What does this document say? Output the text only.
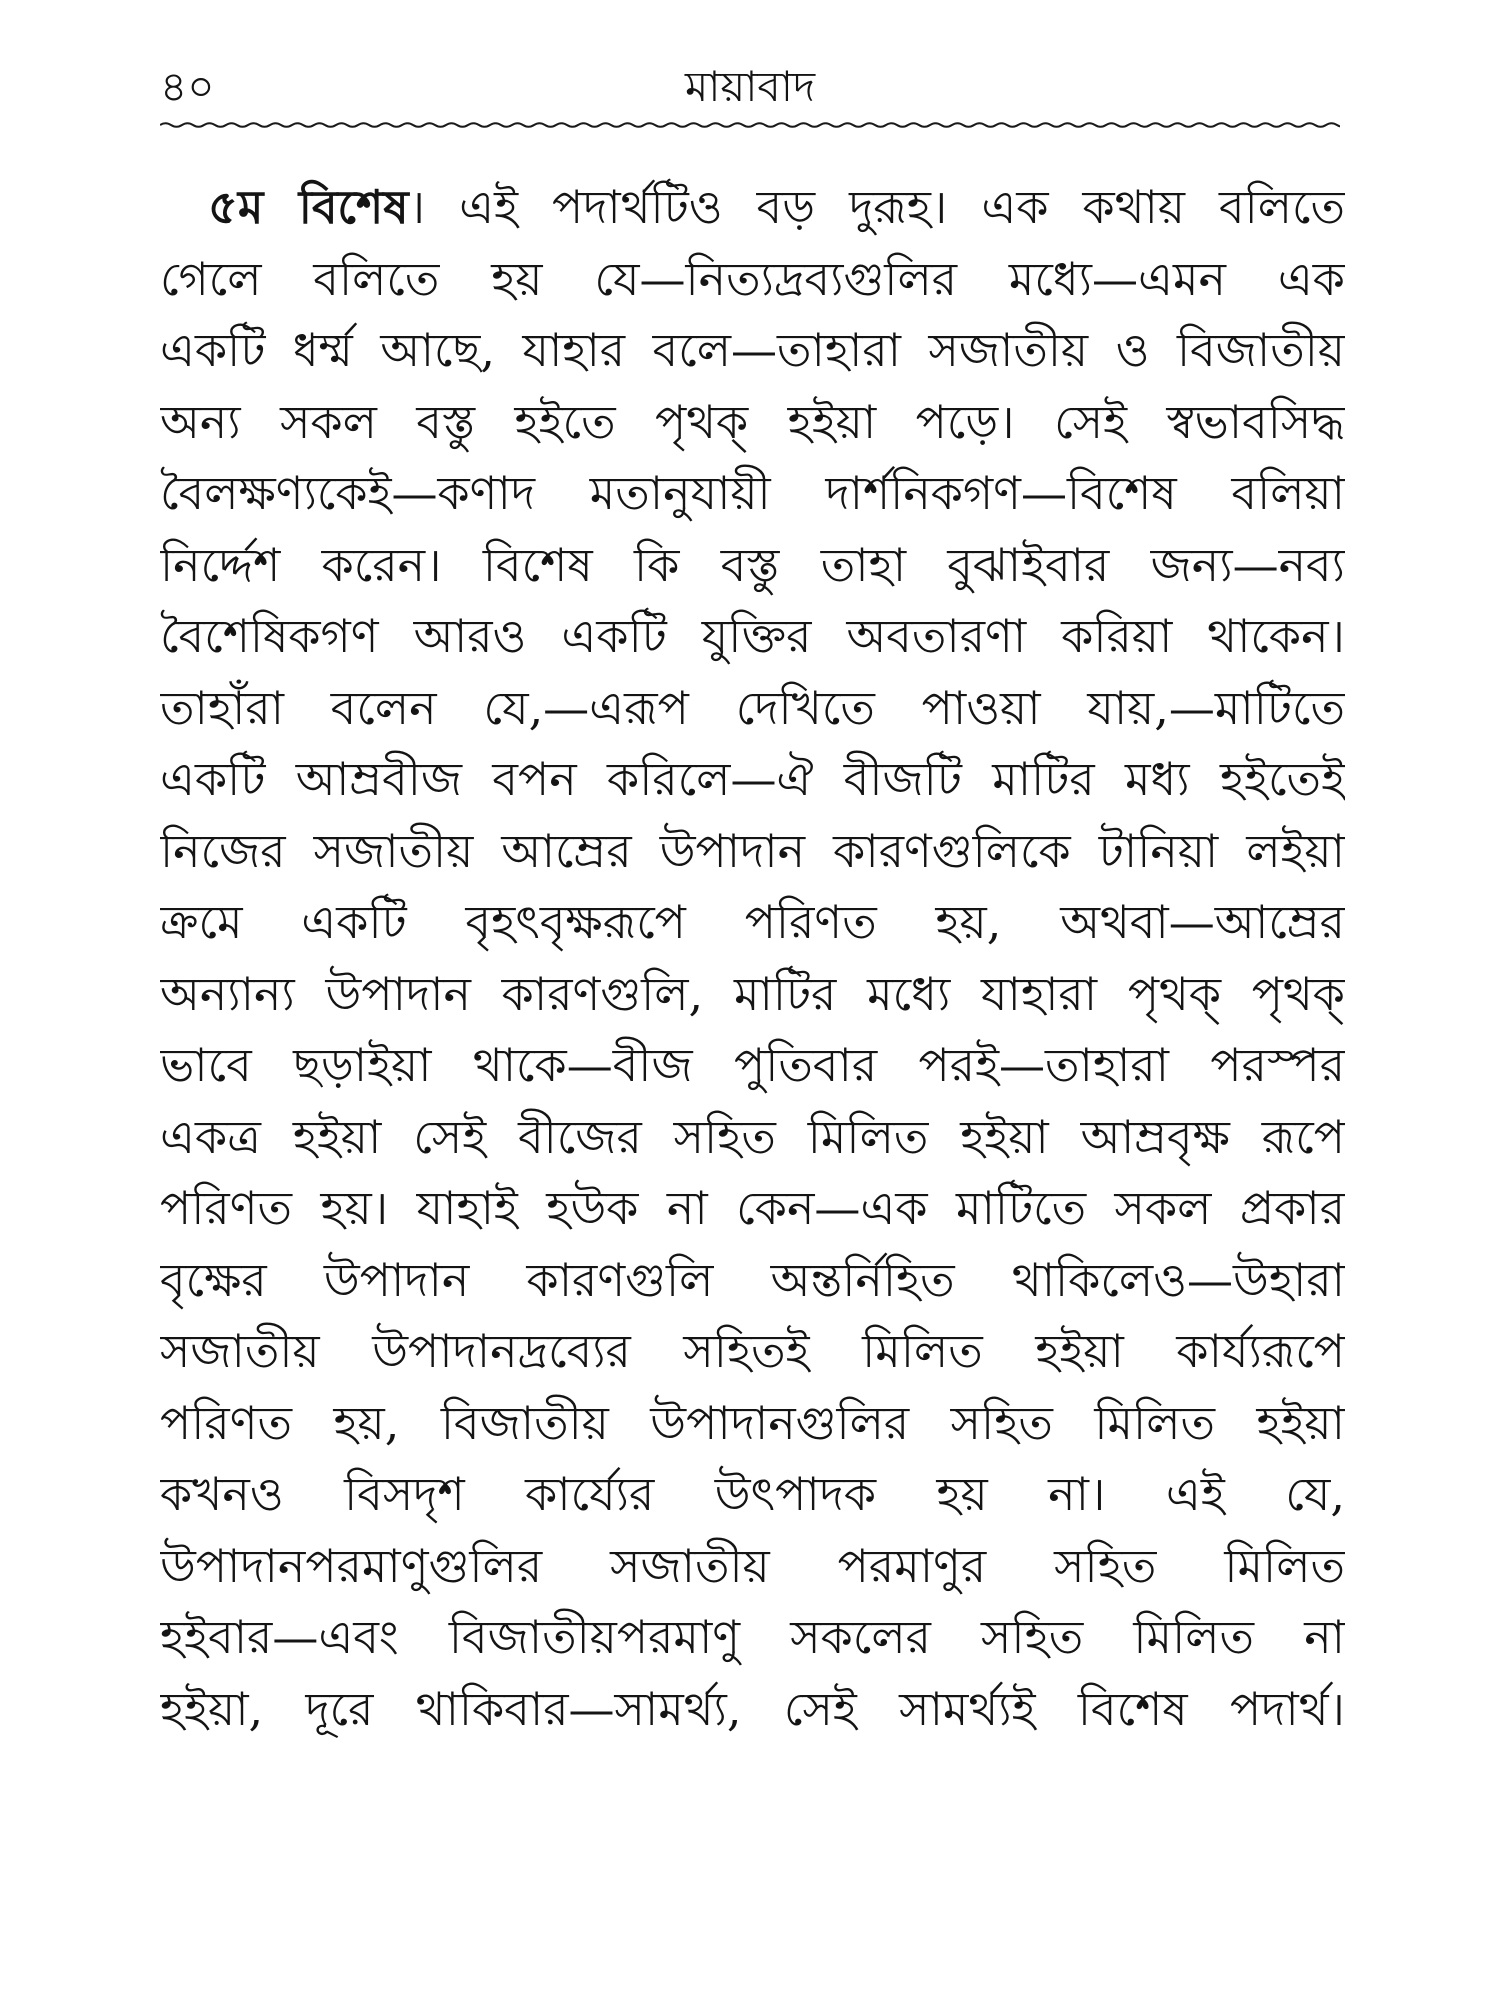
৪০	মায়াবাদ
৫ম বিশেষ। এই পদার্থটিও বড় দুরূহ। এক কথায় বলিতে
গেলে বলিতে হয় যে—নিত্যদ্রব্যগুলির মধ্যে—এমন এক
একটি ধর্ম্ম আছে, যাহার বলে—তাহারা সজাতীয় ও বিজাতীয়
অন্য সকল বস্তু হইতে পৃথক্ হইয়া পড়ে। সেই স্বভাবসিদ্ধ
বৈলক্ষণ্যকেই—কণাদ মতানুযায়ী দার্শনিকগণ—বিশেষ বলিয়া
নির্দ্দেশ করেন। বিশেষ কি বস্তু তাহা বুঝাইবার জন্য—নব্য
বৈশেষিকগণ আরও একটি যুক্তির অবতারণা করিয়া থাকেন।
তাহাঁরা বলেন যে,—এরূপ দেখিতে পাওয়া যায়,—মাটিতে
একটি আম্রবীজ বপন করিলে—ঐ বীজটি মাটির মধ্য হইতেই
নিজের সজাতীয় আম্রের উপাদান কারণগুলিকে টানিয়া লইয়া
ক্রমে একটি বৃহৎবৃক্ষরূপে পরিণত হয়, অথবা—আম্রের
অন্যান্য উপাদান কারণগুলি, মাটির মধ্যে যাহারা পৃথক্ পৃথক্
ভাবে ছড়াইয়া থাকে—বীজ পুতিবার পরই—তাহারা পরস্পর
একত্র হইয়া সেই বীজের সহিত মিলিত হইয়া আম্রবৃক্ষ রূপে
পরিণত হয়। যাহাই হউক না কেন—এক মাটিতে সকল প্রকার
বৃক্ষের উপাদান কারণগুলি অন্তর্নিহিত থাকিলেও—উহারা
সজাতীয় উপাদানদ্রব্যের সহিতই মিলিত হইয়া কার্য্যরূপে
পরিণত হয়, বিজাতীয় উপাদানগুলির সহিত মিলিত হইয়া
কখনও বিসদৃশ কার্য্যের উৎপাদক হয় না। এই যে,
উপাদানপরমাণুগুলির সজাতীয় পরমাণুর সহিত মিলিত
হইবার—এবং বিজাতীয়পরমাণু সকলের সহিত মিলিত না
হইয়া, দূরে থাকিবার—সামর্থ্য, সেই সামর্থ্যই বিশেষ পদার্থ।
